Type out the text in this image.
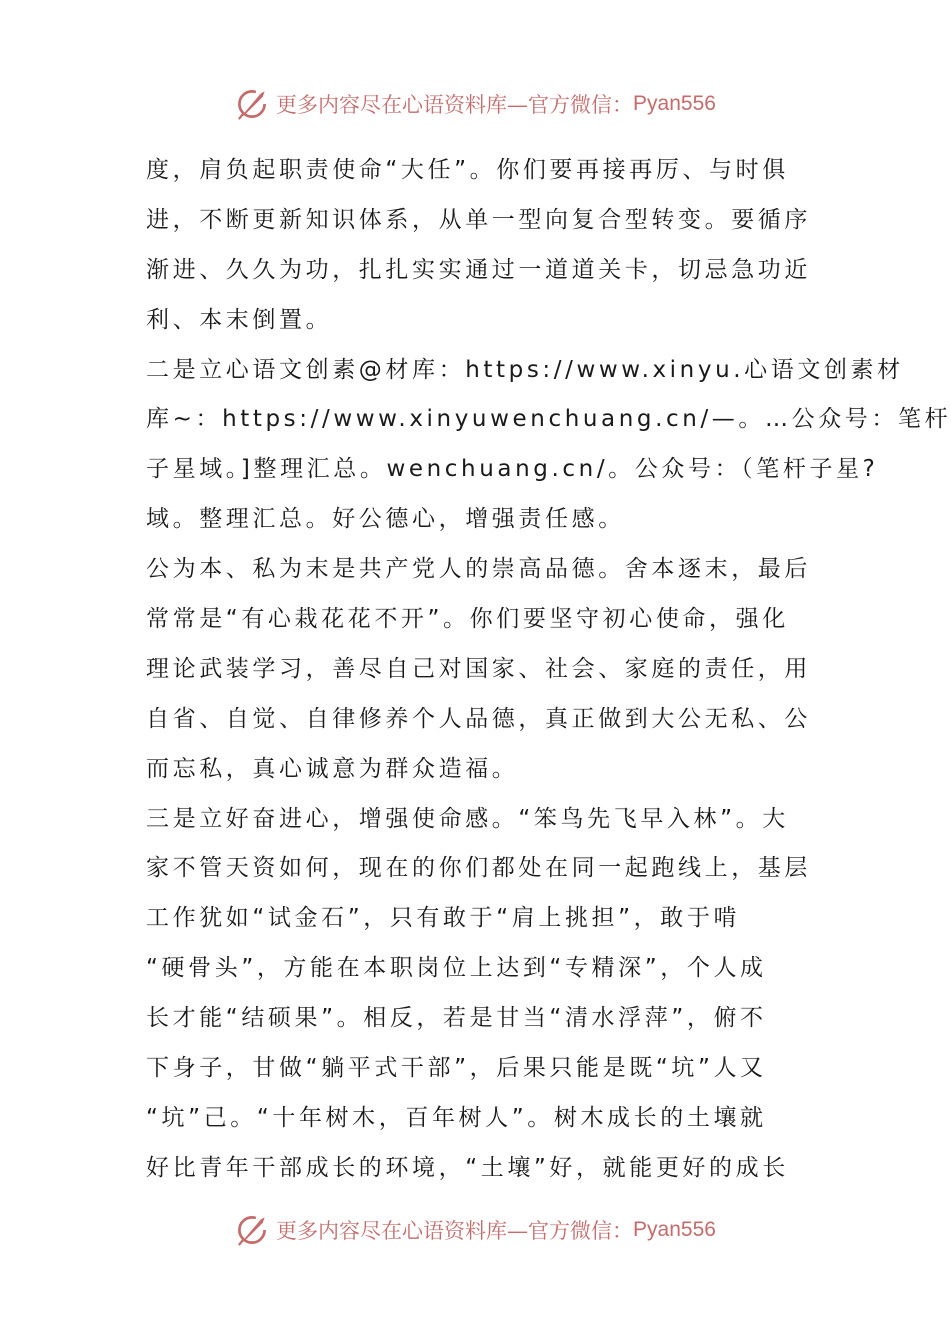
更多内容尽在心语资料库—官方微信： Pyan556
度，肩负起职责使命“大任”。你们要再接再厉、与时俱
进，不断更新知识体系，从单一型向复合型转变。要循序
渐进、久久为功，扎扎实实通过一道道关卡，切忌急功近
利、本末倒置。
二是立心语文创素@材库：https://www.xinyu.心语文创素材
库~：https://www.xinyuwenchuang.cn/—。…公众号：笔杆
子星域。]整理汇总。wenchuang.cn/。公众号：（笔杆子星?
域。整理汇总。好公德心，增强责任感。
公为本、私为末是共产党人的崇高品德。舍本逐末，最后
常常是“有心栽花花不开”。你们要坚守初心使命，强化
理论武装学习，善尽自己对国家、社会、家庭的责任，用
自省、自觉、自律修养个人品德，真正做到大公无私、公
而忘私，真心诚意为群众造福。
三是立好奋进心，增强使命感。“笨鸟先飞早入林”。大
家不管天资如何，现在的你们都处在同一起跑线上，基层
工作犹如“试金石”，只有敢于“肩上挑担”，敢于啃
“硬骨头”，方能在本职岗位上达到“专精深”，个人成
长才能“结硕果”。相反，若是甘当“清水浮萍”，俯不
下身子，甘做“躺平式干部”，后果只能是既“坑”人又
“坑”己。“十年树木，百年树人”。树木成长的土壤就
好比青年干部成长的环境，“土壤”好，就能更好的成长
更多内容尽在心语资料库—官方微信： Pyan556
